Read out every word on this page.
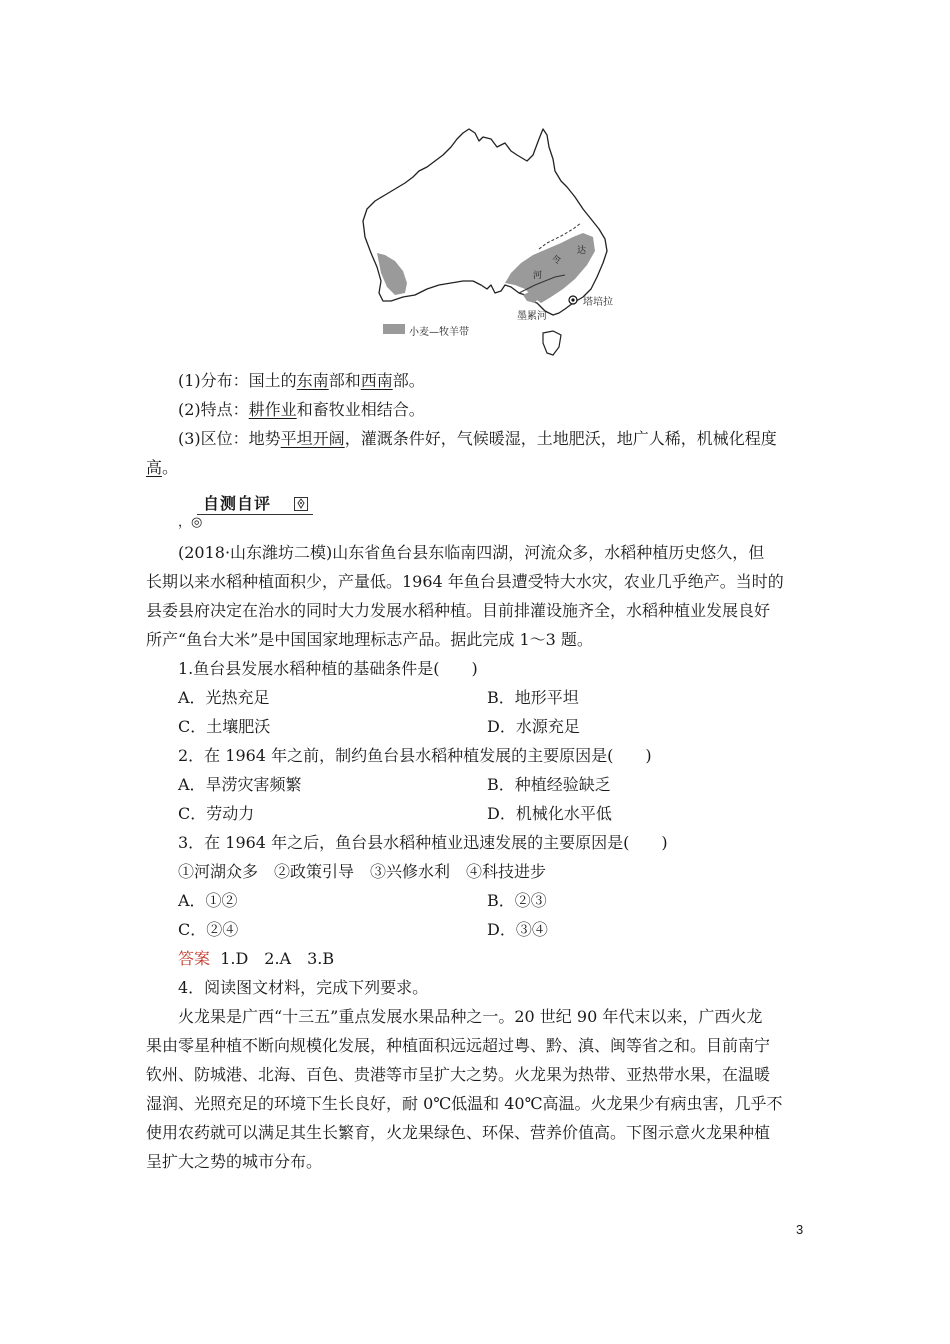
小麦—牧羊带
塔培拉
墨累河
河
令
达
(1)分布：国土的东南部和西南部。
(2)特点：耕作业和畜牧业相结合。
(3)区位：地势平坦开阔，灌溉条件好，气候暖湿，土地肥沃，地广人稀，机械化程度
高。
，◎
自测自评
(2018·山东潍坊二模)山东省鱼台县东临南四湖，河流众多，水稻种植历史悠久，但
长期以来水稻种植面积少，产量低。1964 年鱼台县遭受特大水灾，农业几乎绝产。当时的
县委县府决定在治水的同时大力发展水稻种植。目前排灌设施齐全，水稻种植业发展良好
所产“鱼台大米”是中国国家地理标志产品。据此完成 1～3 题。
1.鱼台县发展水稻种植的基础条件是(　　)
A．光热充足	B．地形平坦
C．土壤肥沃	D．水源充足
2．在 1964 年之前，制约鱼台县水稻种植发展的主要原因是(　　)
A．旱涝灾害频繁	B．种植经验缺乏
C．劳动力	D．机械化水平低
3．在 1964 年之后，鱼台县水稻种植业迅速发展的主要原因是(　　)
①河湖众多　②政策引导　③兴修水利　④科技进步
A．①②	B．②③
C．②④	D．③④
答案 1.D　2.A　3.B
4．阅读图文材料，完成下列要求。
火龙果是广西“十三五”重点发展水果品种之一。20 世纪 90 年代末以来，广西火龙
果由零星种植不断向规模化发展，种植面积远远超过粤、黔、滇、闽等省之和。目前南宁
钦州、防城港、北海、百色、贵港等市呈扩大之势。火龙果为热带、亚热带水果，在温暖
湿润、光照充足的环境下生长良好，耐 0℃低温和 40℃高温。火龙果少有病虫害，几乎不
使用农药就可以满足其生长繁育，火龙果绿色、环保、营养价值高。下图示意火龙果种植
呈扩大之势的城市分布。
3
